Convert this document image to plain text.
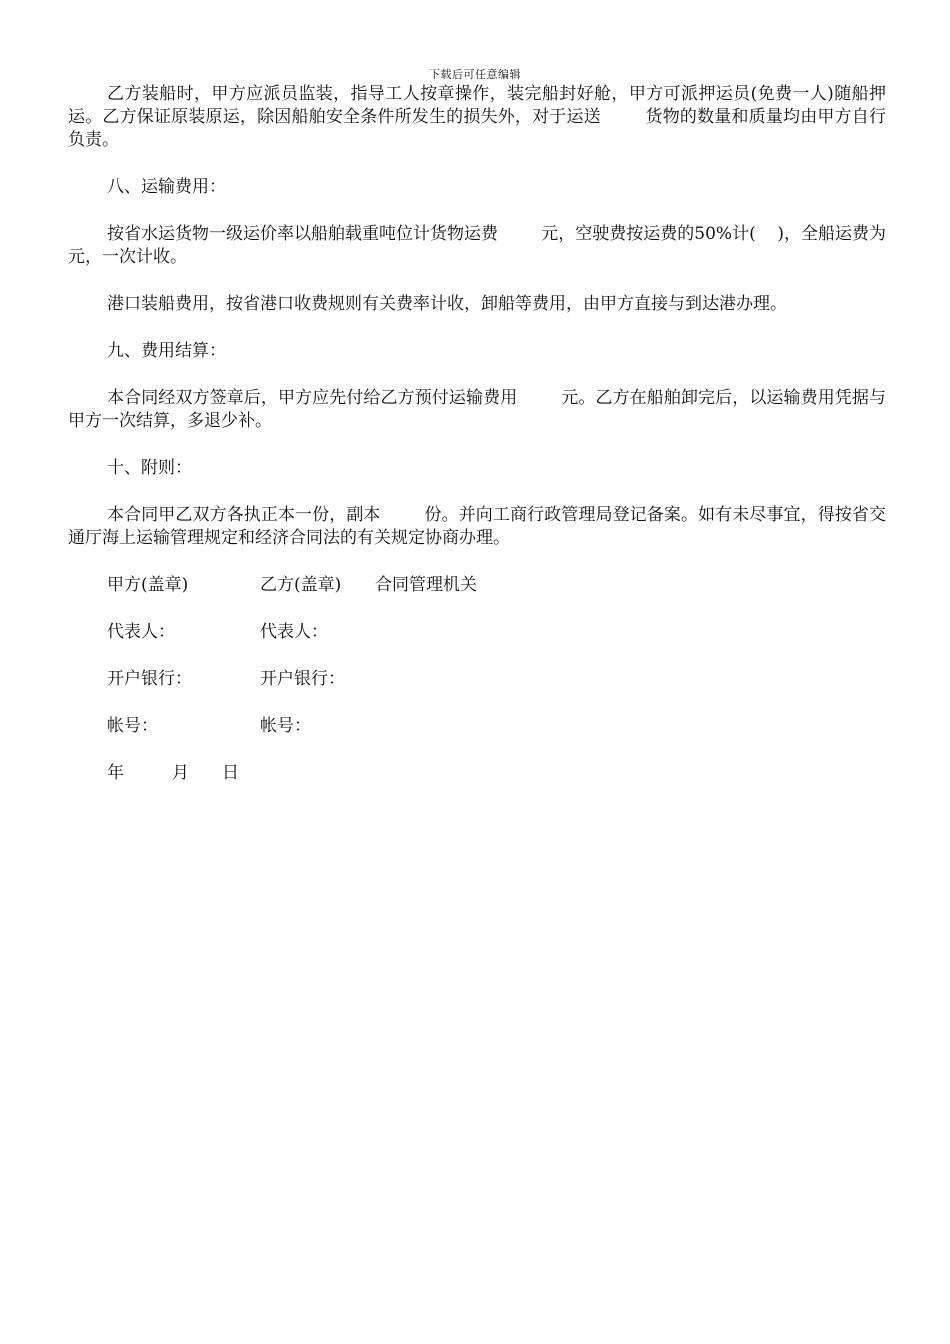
下载后可任意编辑

乙方装船时，甲方应派员监装，指导工人按章操作，装完船封好舱，甲方可派押运员(免费一人)随船押运。乙方保证原装原运，除因船舶安全条件所发生的损失外，对于运送        货物的数量和质量均由甲方自行负责。

八、运输费用：

按省水运货物一级运价率以船舶载重吨位计货物运费        元，空驶费按运费的50%计(    )，全船运费为        元，一次计收。

港口装船费用，按省港口收费规则有关费率计收，卸船等费用，由甲方直接与到达港办理。

九、费用结算：

本合同经双方签章后，甲方应先付给乙方预付运输费用        元。乙方在船舶卸完后，以运输费用凭据与甲方一次结算，多退少补。

十、附则：

本合同甲乙双方各执正本一份，副本        份。并向工商行政管理局登记备案。如有未尽事宜，得按省交通厅海上运输管理规定和经济合同法的有关规定协商办理。

甲方(盖章)	乙方(盖章)	合同管理机关
代表人：	代表人：
开户银行：	开户银行：
帐号：	帐号：
年	月	日
